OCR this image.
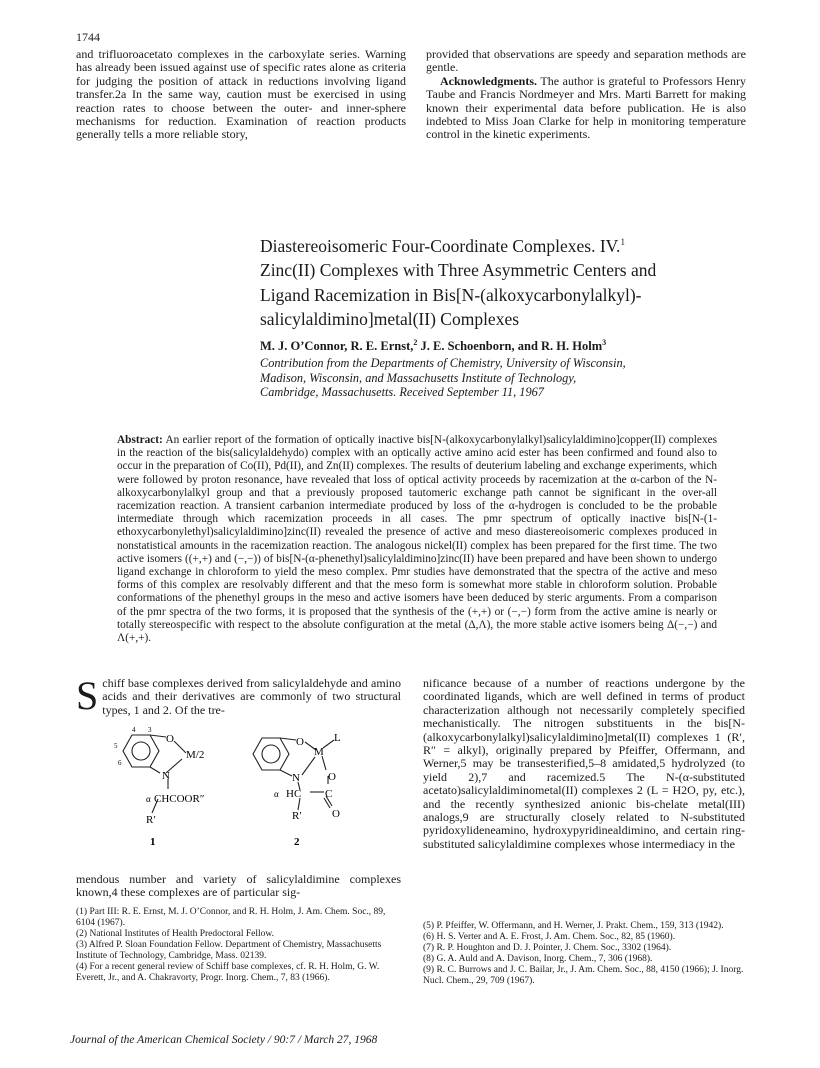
1744

and trifluoroacetato complexes in the carboxylate series. Warning has already been issued against use of specific rates alone as criteria for judging the position of attack in reductions involving ligand transfer.2a In the same way, caution must be exercised in using reaction rates to choose between the outer- and inner-sphere mechanisms for reduction. Examination of reaction products generally tells a more reliable story,

provided that observations are speedy and separation methods are gentle.

Acknowledgments. The author is grateful to Professors Henry Taube and Francis Nordmeyer and Mrs. Marti Barrett for making known their experimental data before publication. He is also indebted to Miss Joan Clarke for help in monitoring temperature control in the kinetic experiments.

Diastereoisomeric Four-Coordinate Complexes. IV.$^1$
Zinc(II) Complexes with Three Asymmetric Centers and
Ligand Racemization in Bis[N-(alkoxycarbonylalkyl)-
salicylaldimino]metal(II) Complexes
M. J. O’Connor, R. E. Ernst,$^2$ J. E. Schoenborn, and R. H. Holm$^3$
Contribution from the Departments of Chemistry, University of Wisconsin,
Madison, Wisconsin, and Massachusetts Institute of Technology,
Cambridge, Massachusetts. Received September 11, 1967
Abstract: An earlier report of the formation of optically inactive bis[N-(alkoxycarbonylalkyl)salicylaldimino]copper(II) complexes in the reaction of the bis(salicylaldehydo) complex with an optically active amino acid ester has been confirmed and found also to occur in the preparation of Co(II), Pd(II), and Zn(II) complexes. The results of deuterium labeling and exchange experiments, which were followed by proton resonance, have revealed that loss of optical activity proceeds by racemization at the α-carbon of the N-alkoxycarbonylalkyl group and that a previously proposed tautomeric exchange path cannot be significant in the over-all racemization reaction. A transient carbanion intermediate produced by loss of the α-hydrogen is concluded to be the probable intermediate through which racemization proceeds in all cases. The pmr spectrum of optically inactive bis[N-(1-ethoxycarbonylethyl)salicylaldimino]zinc(II) revealed the presence of active and meso diastereoisomeric complexes produced in nonstatistical amounts in the racemization reaction. The analogous nickel(II) complex has been prepared for the first time. The two active isomers ((+,+) and (−,−)) of bis[N-(α-phenethyl)salicylaldimino]zinc(II) have been prepared and have been shown to undergo ligand exchange in chloroform to yield the meso complex. Pmr studies have demonstrated that the spectra of the active and meso forms of this complex are resolvably different and that the meso form is somewhat more stable in chloroform solution. Probable conformations of the phenethyl groups in the meso and active isomers have been deduced by steric arguments. From a comparison of the pmr spectra of the two forms, it is proposed that the synthesis of the (+,+) or (−,−) form from the active amine is nearly or totally stereospecific with respect to the absolute configuration at the metal (Δ,Λ), the more stable active isomers being Δ(−,−) and Λ(+,+).

Schiff base complexes derived from salicylaldehyde and amino acids and their derivatives are commonly of two structural types, 1 and 2. Of the tre-

4 3
5
6
O
M/2
N
α CHCOOR″
R′
1
O
M
L
N	O
α HC C
R′	O
2

mendous number and variety of salicylaldimine complexes known,4 these complexes are of particular sig-

(1) Part III: R. E. Ernst, M. J. O’Connor, and R. H. Holm, J. Am. Chem. Soc., 89, 6104 (1967).

(2) National Institutes of Health Predoctoral Fellow.

(3) Alfred P. Sloan Foundation Fellow. Department of Chemistry, Massachusetts Institute of Technology, Cambridge, Mass. 02139.

(4) For a recent general review of Schiff base complexes, cf. R. H. Holm, G. W. Everett, Jr., and A. Chakravorty, Progr. Inorg. Chem., 7, 83 (1966).

nificance because of a number of reactions undergone by the coordinated ligands, which are well defined in terms of product characterization although not necessarily completely specified mechanistically. The nitrogen substituents in the bis[N-(alkoxycarbonylalkyl)salicylaldimino]metal(II) complexes 1 (R′, R″ = alkyl), originally prepared by Pfeiffer, Offermann, and Werner,5 may be transesterified,5–8 amidated,5 hydrolyzed (to yield 2),7 and racemized.5 The N-(α-substituted acetato)salicylaldiminometal(II) complexes 2 (L = H2O, py, etc.), and the recently synthesized anionic bis-chelate metal(III) analogs,9 are structurally closely related to N-substituted pyridoxylideneamino, hydroxypyridinealdimino, and certain ring-substituted salicylaldimine complexes whose intermediacy in the

(5) P. Pfeiffer, W. Offermann, and H. Werner, J. Prakt. Chem., 159, 313 (1942).

(6) H. S. Verter and A. E. Frost, J. Am. Chem. Soc., 82, 85 (1960).

(7) R. P. Houghton and D. J. Pointer, J. Chem. Soc., 3302 (1964).

(8) G. A. Auld and A. Davison, Inorg. Chem., 7, 306 (1968).

(9) R. C. Burrows and J. C. Bailar, Jr., J. Am. Chem. Soc., 88, 4150 (1966); J. Inorg. Nucl. Chem., 29, 709 (1967).

Journal of the American Chemical Society / 90:7 / March 27, 1968
